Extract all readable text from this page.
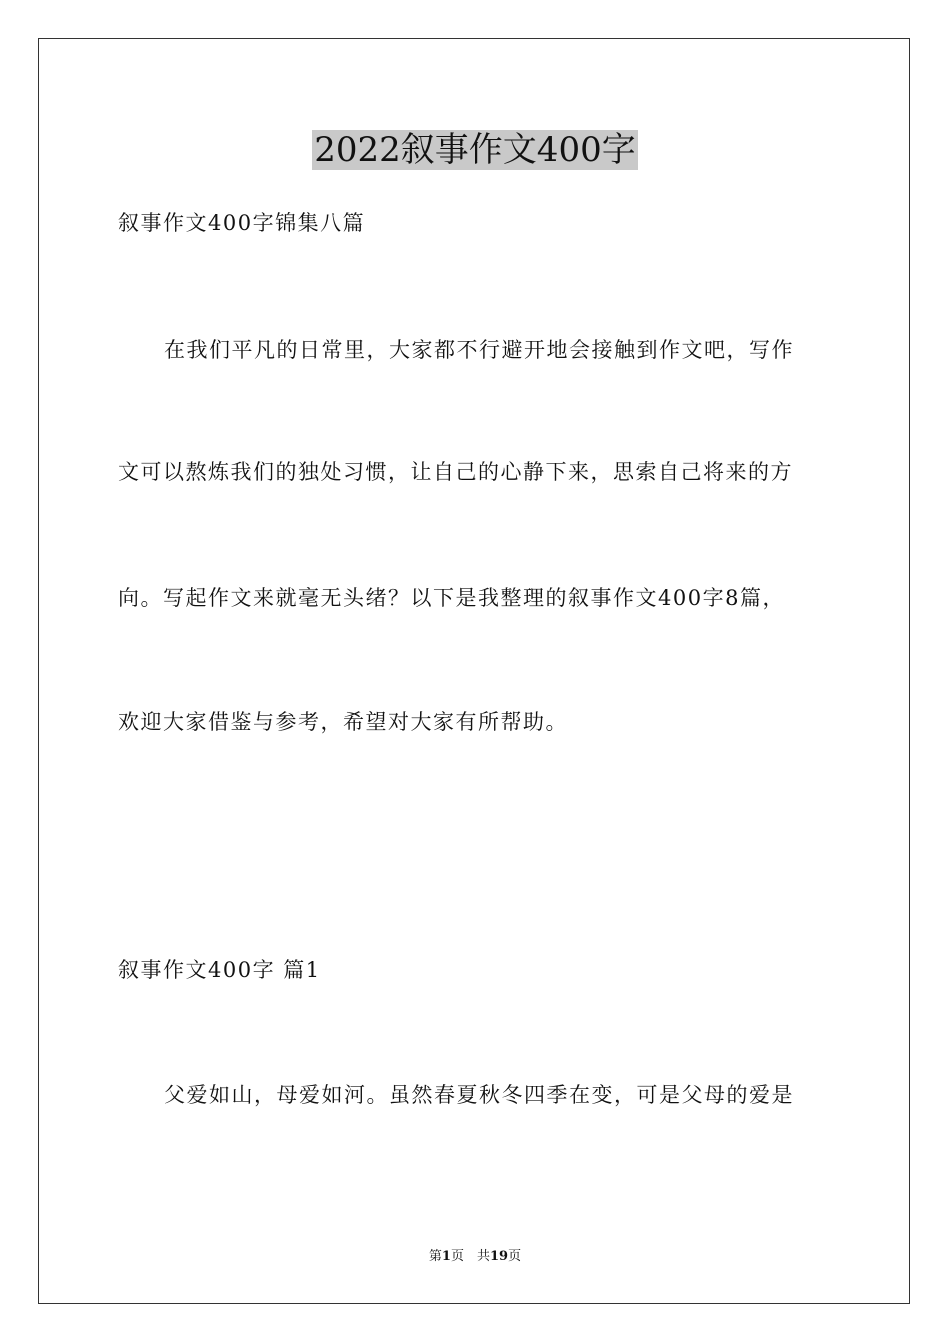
2022叙事作文400字
叙事作文400字锦集八篇
在我们平凡的日常里，大家都不行避开地会接触到作文吧，写作
文可以熬炼我们的独处习惯，让自己的心静下来，思索自己将来的方
向。写起作文来就毫无头绪？以下是我整理的叙事作文400字8篇，
欢迎大家借鉴与参考，希望对大家有所帮助。
叙事作文400字 篇1
父爱如山，母爱如河。虽然春夏秋冬四季在变，可是父母的爱是
第1页　共19页
